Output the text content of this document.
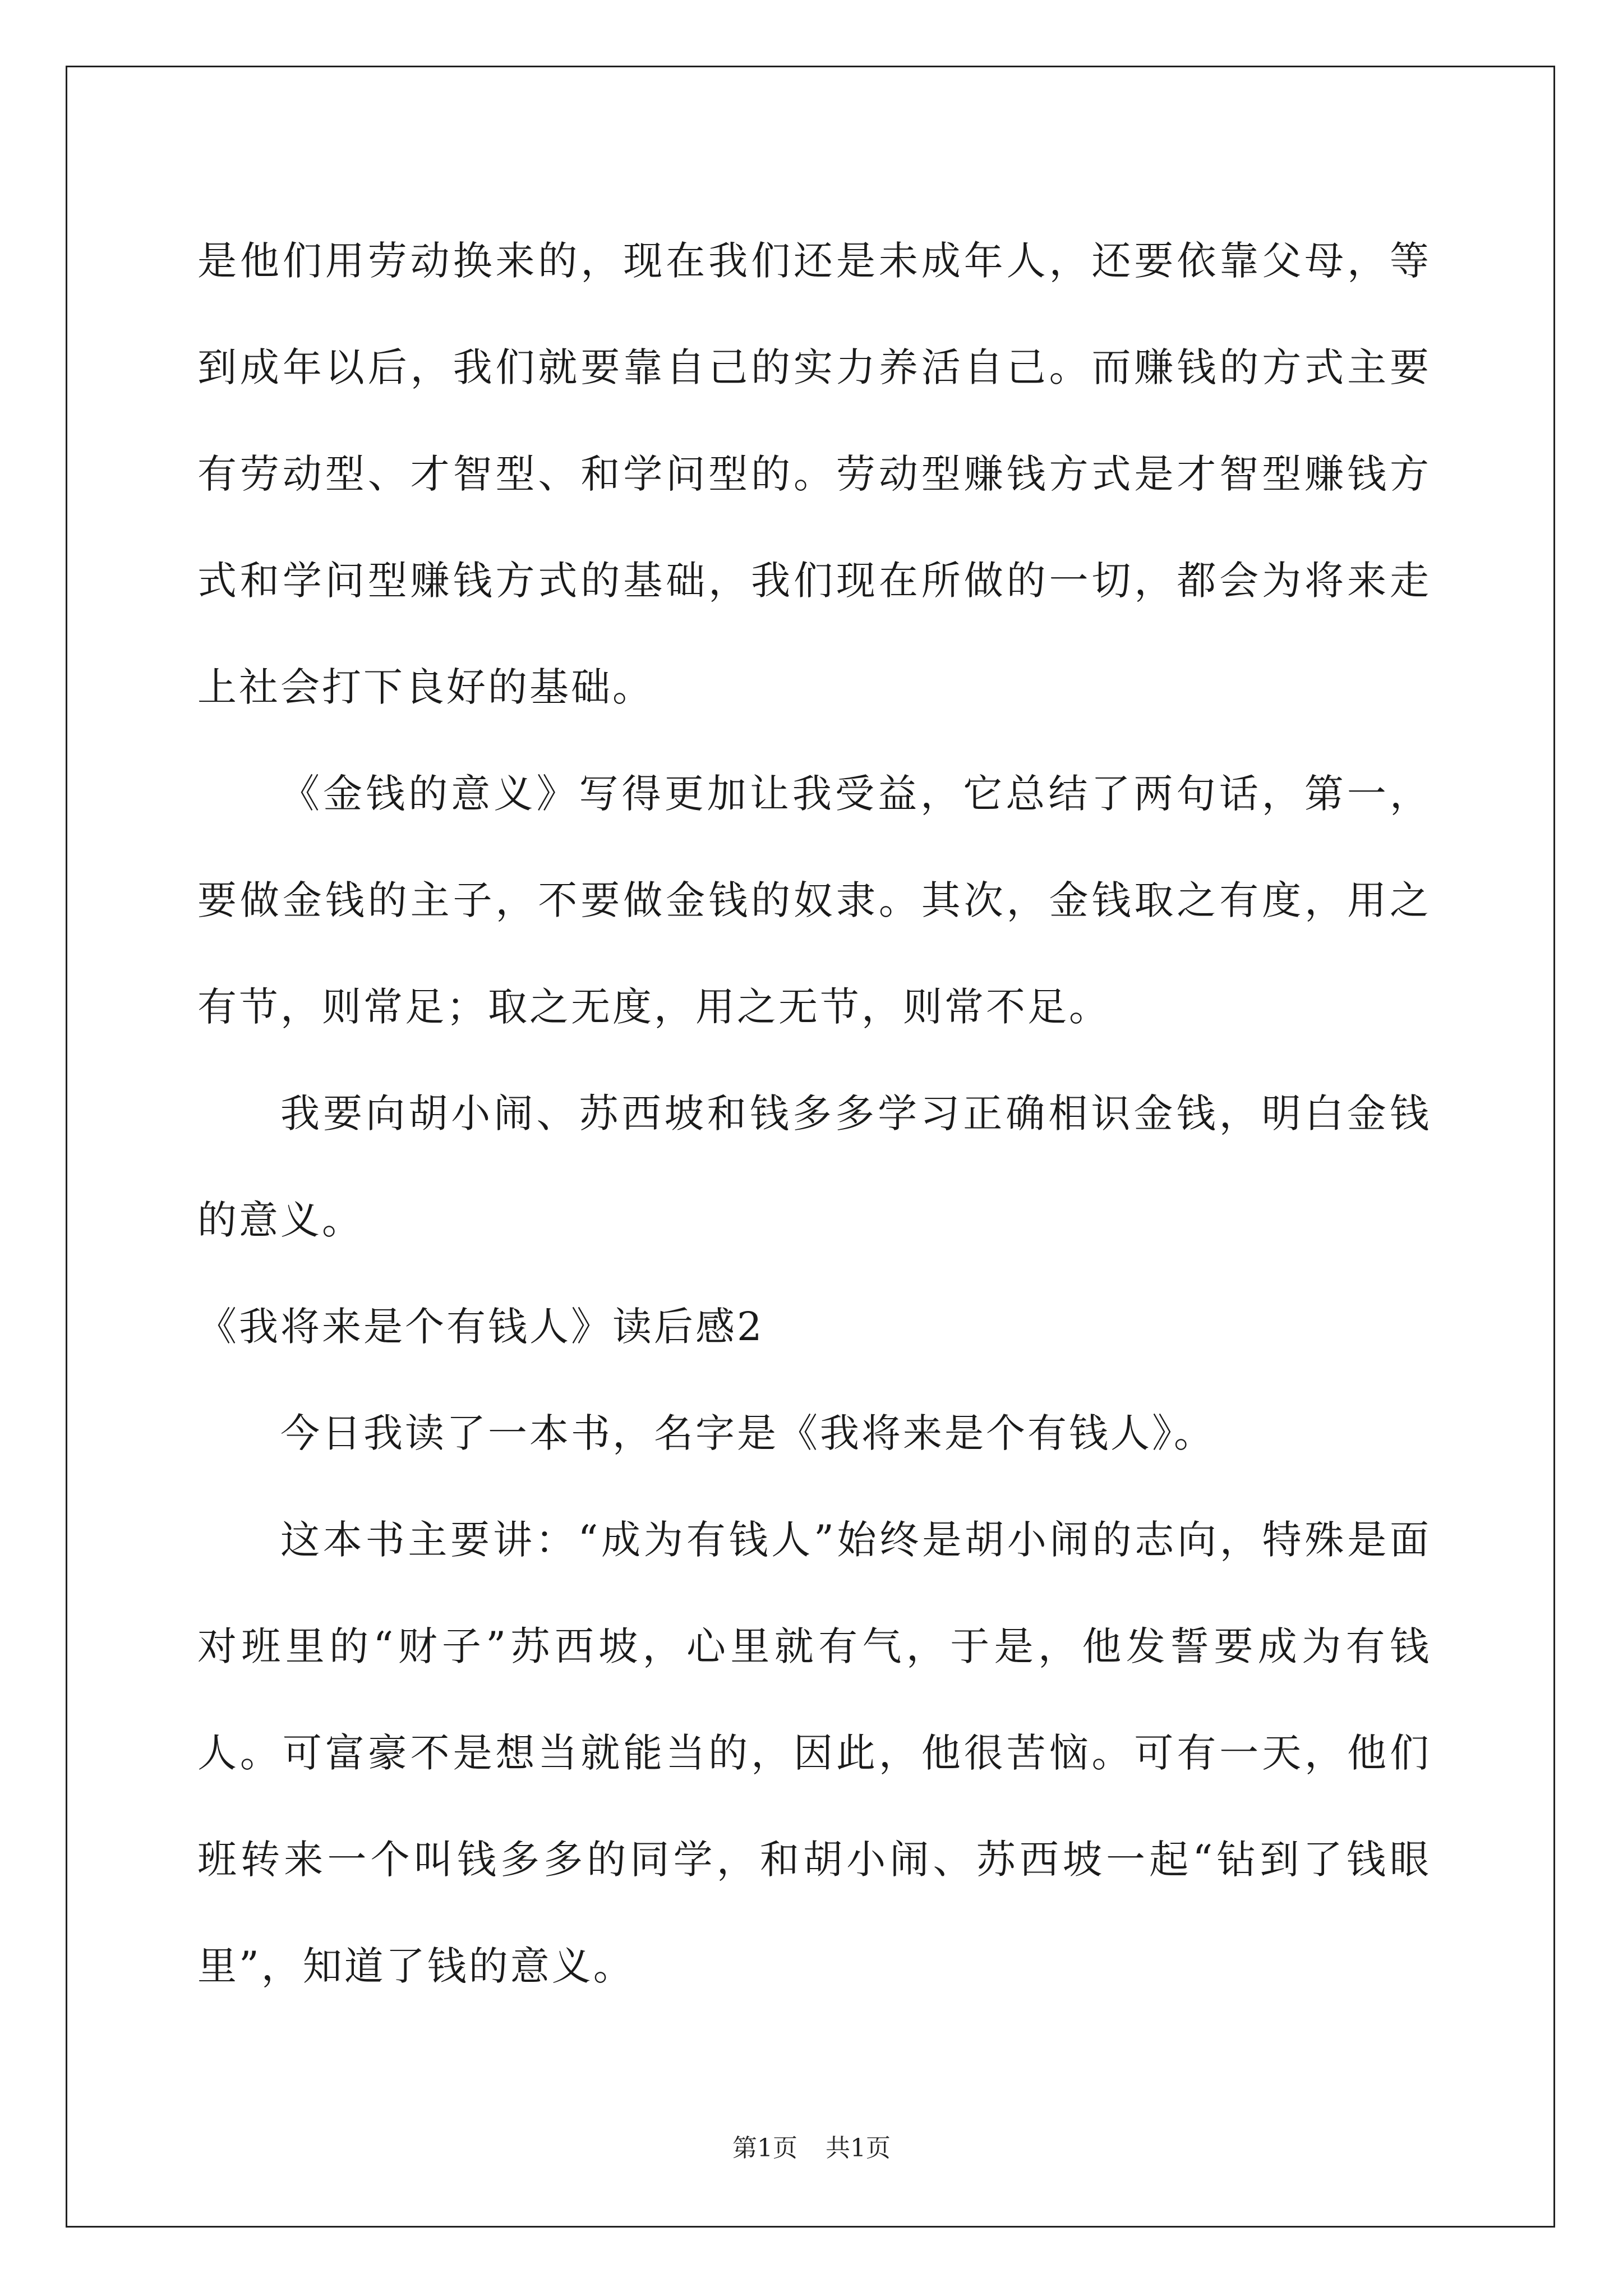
是他们用劳动换来的，现在我们还是未成年人，还要依靠父母，等到成年以后，我们就要靠自己的实力养活自己。而赚钱的方式主要有劳动型、才智型、和学问型的。劳动型赚钱方式是才智型赚钱方式和学问型赚钱方式的基础，我们现在所做的一切，都会为将来走上社会打下良好的基础。

《金钱的意义》写得更加让我受益，它总结了两句话，第一，要做金钱的主子，不要做金钱的奴隶。其次，金钱取之有度，用之有节，则常足；取之无度，用之无节，则常不足。

我要向胡小闹、苏西坡和钱多多学习正确相识金钱，明白金钱的意义。

《我将来是个有钱人》读后感2

今日我读了一本书，名字是《我将来是个有钱人》。

这本书主要讲：“成为有钱人”始终是胡小闹的志向，特殊是面对班里的“财子”苏西坡，心里就有气，于是，他发誓要成为有钱人。可富豪不是想当就能当的，因此，他很苦恼。可有一天，他们班转来一个叫钱多多的同学，和胡小闹、苏西坡一起“钻到了钱眼里”，知道了钱的意义。

第1页 共1页
